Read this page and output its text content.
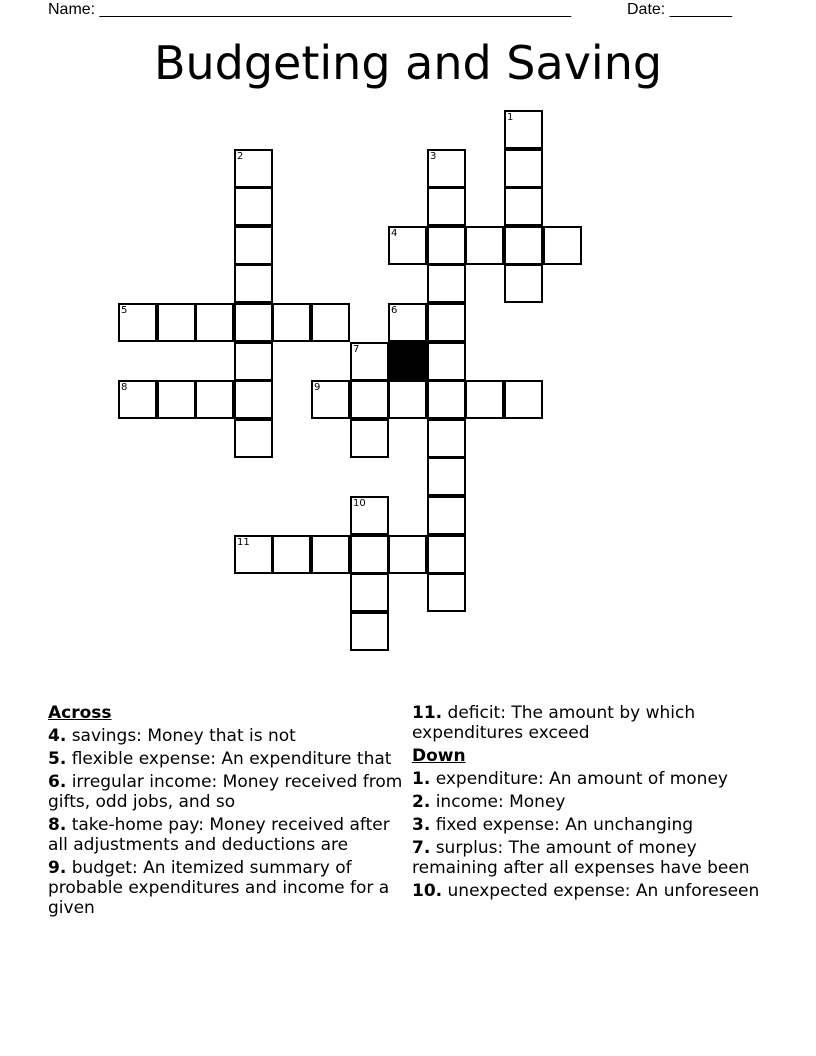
Name: _____________________________________________________	Date: _______
Budgeting and Saving
1
2	3
7
10
4
5	6
8	9
11
Across
4. savings: Money that is not
5. flexible expense: An expenditure that
6. irregular income: Money received from gifts, odd jobs, and so
8. take-home pay: Money received after all adjustments and deductions are
9. budget: An itemized summary of probable expenditures and income for a given
11. deficit: The amount by which expenditures exceed
Down
1. expenditure: An amount of money
2. income: Money
3. fixed expense: An unchanging
7. surplus: The amount of money remaining after all expenses have been
10. unexpected expense: An unforeseen
